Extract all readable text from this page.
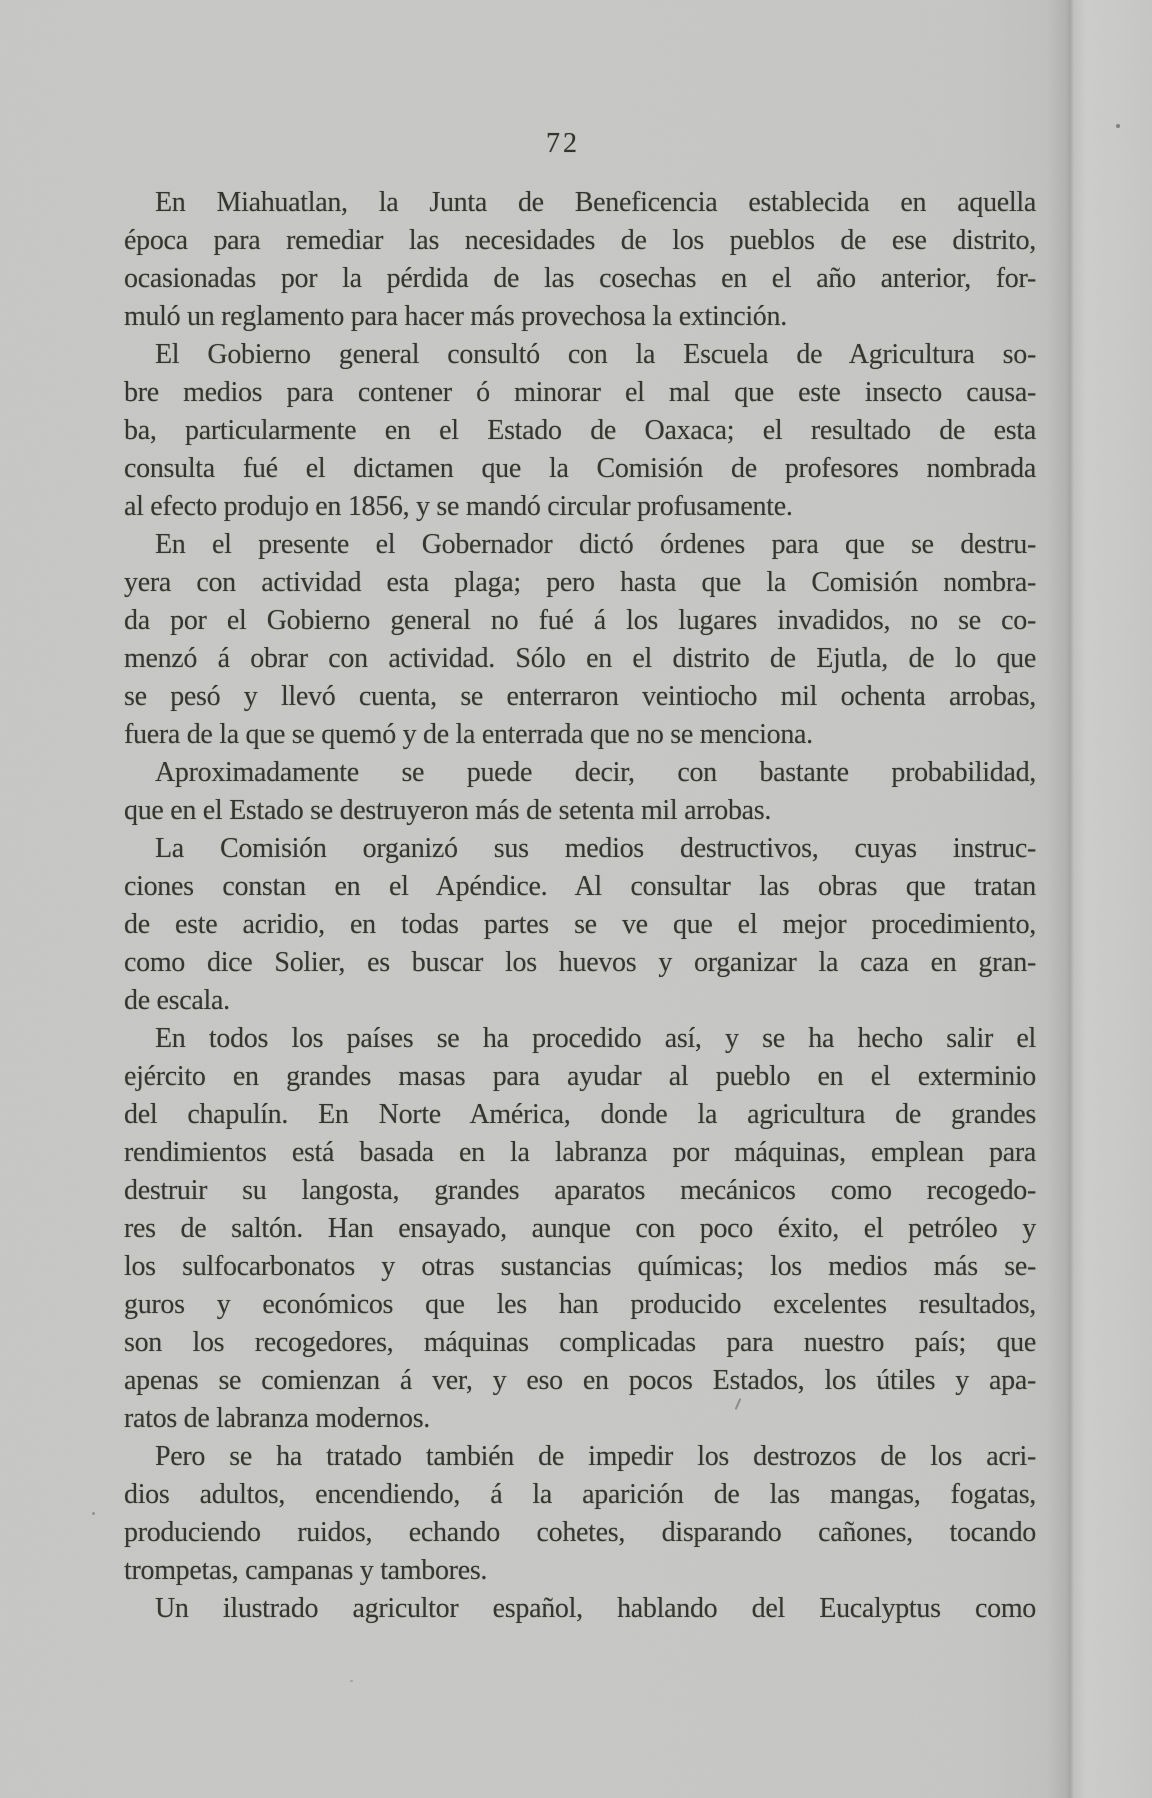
72
En Miahuatlan, la Junta de Beneficencia establecida en aquella
época para remediar las necesidades de los pueblos de ese distrito,
ocasionadas por la pérdida de las cosechas en el año anterior, for-
muló un reglamento para hacer más provechosa la extinción.
El Gobierno general consultó con la Escuela de Agricultura so-
bre medios para contener ó minorar el mal que este insecto causa-
ba, particularmente en el Estado de Oaxaca; el resultado de esta
consulta fué el dictamen que la Comisión de profesores nombrada
al efecto produjo en 1856, y se mandó circular profusamente.
En el presente el Gobernador dictó órdenes para que se destru-
yera con actividad esta plaga; pero hasta que la Comisión nombra-
da por el Gobierno general no fué á los lugares invadidos, no se co-
menzó á obrar con actividad. Sólo en el distrito de Ejutla, de lo que
se pesó y llevó cuenta, se enterraron veintiocho mil ochenta arrobas,
fuera de la que se quemó y de la enterrada que no se menciona.
Aproximadamente se puede decir, con bastante probabilidad,
que en el Estado se destruyeron más de setenta mil arrobas.
La Comisión organizó sus medios destructivos, cuyas instruc-
ciones constan en el Apéndice. Al consultar las obras que tratan
de este acridio, en todas partes se ve que el mejor procedimiento,
como dice Solier, es buscar los huevos y organizar la caza en gran-
de escala.
En todos los países se ha procedido así, y se ha hecho salir el
ejército en grandes masas para ayudar al pueblo en el exterminio
del chapulín. En Norte América, donde la agricultura de grandes
rendimientos está basada en la labranza por máquinas, emplean para
destruir su langosta, grandes aparatos mecánicos como recogedo-
res de saltón. Han ensayado, aunque con poco éxito, el petróleo y
los sulfocarbonatos y otras sustancias químicas; los medios más se-
guros y económicos que les han producido excelentes resultados,
son los recogedores, máquinas complicadas para nuestro país; que
apenas se comienzan á ver, y eso en pocos Estados, los útiles y apa-
ratos de labranza modernos.
Pero se ha tratado también de impedir los destrozos de los acri-
dios adultos, encendiendo, á la aparición de las mangas, fogatas,
produciendo ruidos, echando cohetes, disparando cañones, tocando
trompetas, campanas y tambores.
Un ilustrado agricultor español, hablando del Eucalyptus como
